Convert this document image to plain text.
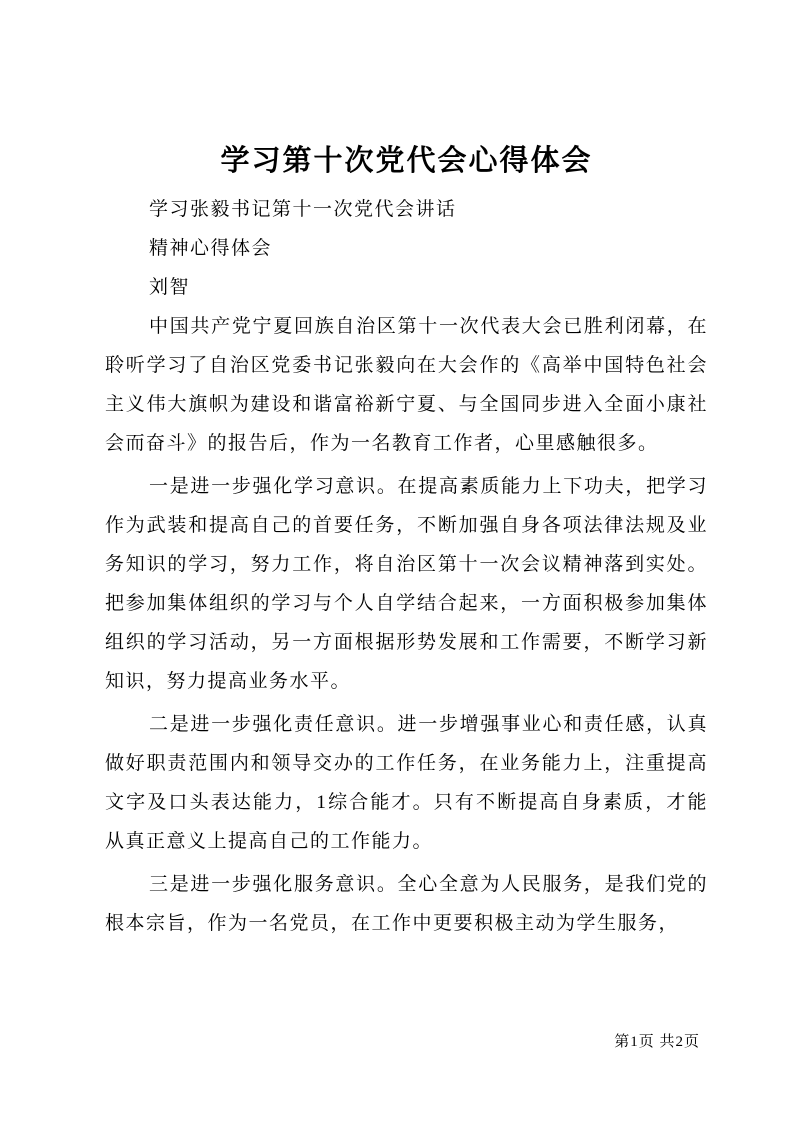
学习第十次党代会心得体会

学习张毅书记第十一次党代会讲话

精神心得体会

刘智

中国共产党宁夏回族自治区第十一次代表大会已胜利闭幕，在聆听学习了自治区党委书记张毅向在大会作的《高举中国特色社会主义伟大旗帜为建设和谐富裕新宁夏、与全国同步进入全面小康社会而奋斗》的报告后，作为一名教育工作者，心里感触很多。

一是进一步强化学习意识。在提高素质能力上下功夫，把学习作为武装和提高自己的首要任务，不断加强自身各项法律法规及业务知识的学习，努力工作，将自治区第十一次会议精神落到实处。把参加集体组织的学习与个人自学结合起来，一方面积极参加集体组织的学习活动，另一方面根据形势发展和工作需要，不断学习新知识，努力提高业务水平。

二是进一步强化责任意识。进一步增强事业心和责任感，认真做好职责范围内和领导交办的工作任务，在业务能力上，注重提高文字及口头表达能力，1综合能才。只有不断提高自身素质，才能从真正意义上提高自己的工作能力。

三是进一步强化服务意识。全心全意为人民服务，是我们党的根本宗旨，作为一名党员，在工作中更要积极主动为学生服务，

第1页 共2页
